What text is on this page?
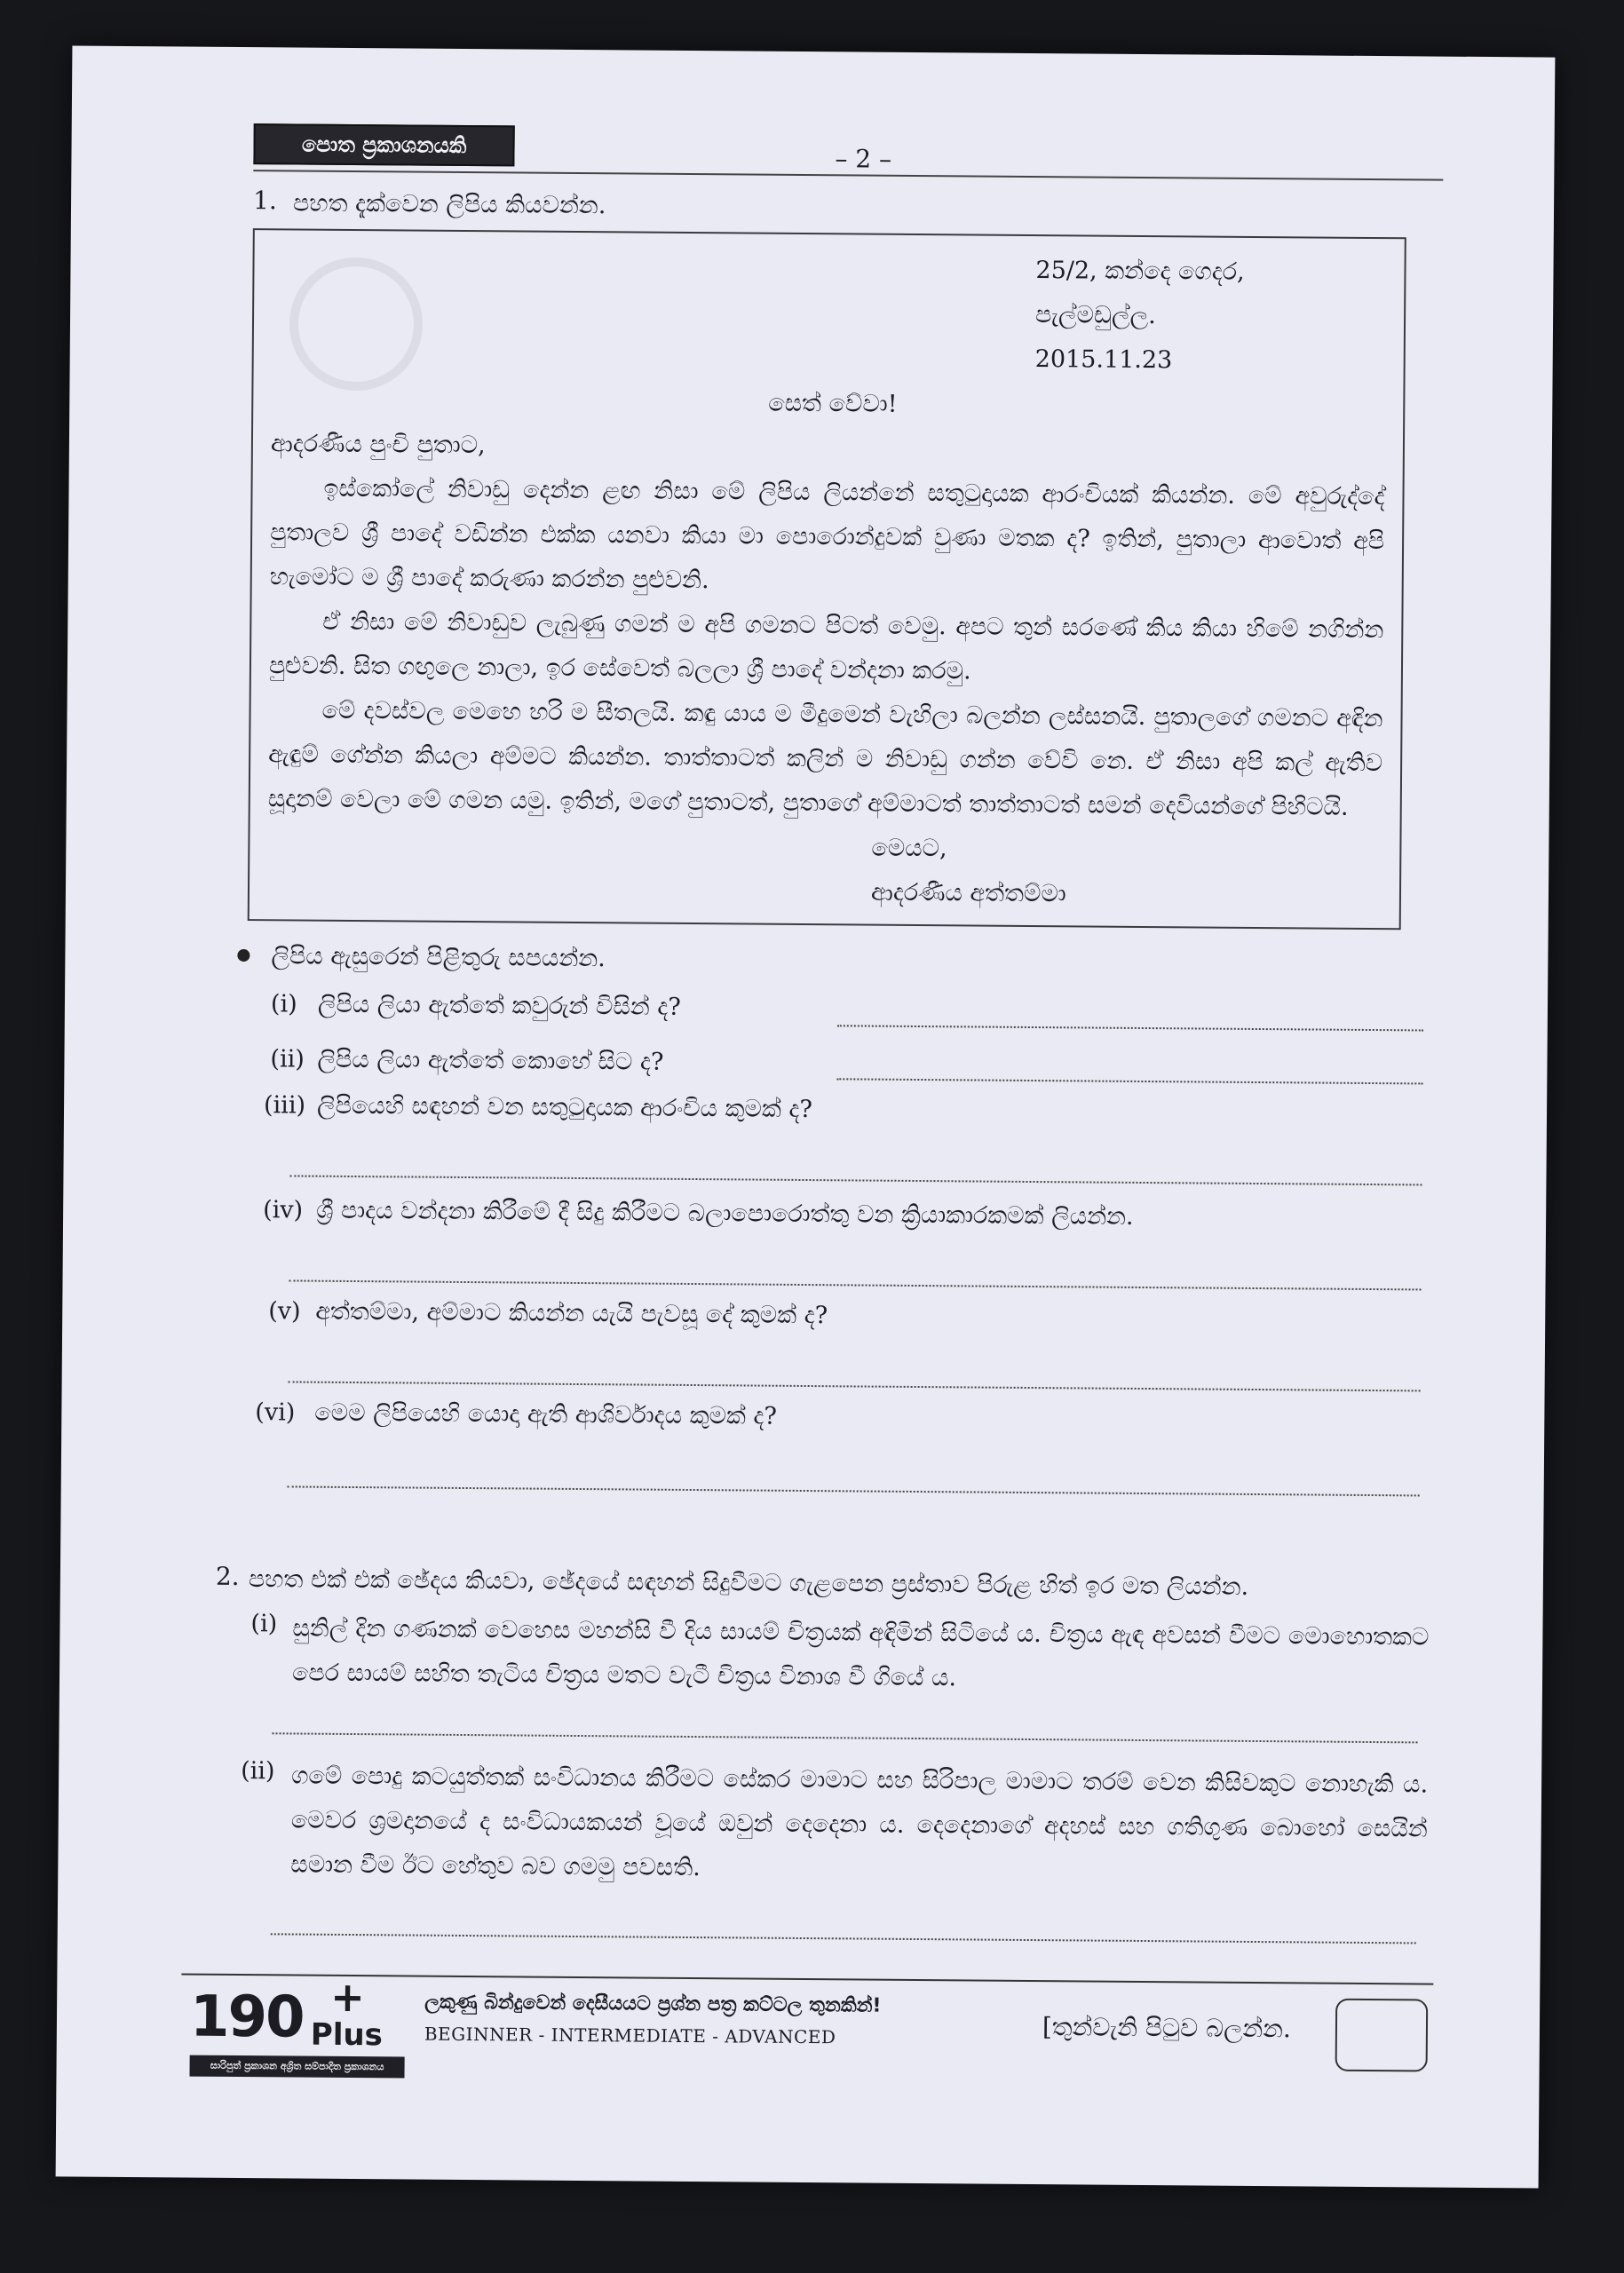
පොත ප්‍රකාශනයකි	– 2 –
1. පහත දැක්වෙන ලිපිය කියවන්න.
25/2, කන්දෙ ගෙදර,
පැල්මඩුල්ල.
2015.11.23
සෙත් වේවා!
ආදරණීය පුංචි පුතාට,
ඉස්කෝලේ නිවාඩු දෙන්න ළඟ නිසා මේ ලිපිය ලියන්නේ සතුටුදායක ආරංචියක් කියන්න. මේ අවුරුද්දේ පුතාලව ශ්‍රී පාදේ වඩින්න එක්ක යනවා කියා මා පොරොන්දුවක් වුණා මතක ද? ඉතින්, පුතාලා ආවොත් අපි හැමෝට ම ශ්‍රී පාදේ කරුණා කරන්න පුළුවනි.
ඒ නිසා මේ නිවාඩුව ලැබුණු ගමන් ම අපි ගමනට පිටත් වෙමු. අපට තුන් සරණේ කිය කියා හිමේ නගින්න පුළුවනි. සිත ගඟුලෙ නාලා, ඉර සේවෙත් බලලා ශ්‍රී පාදේ වන්දනා කරමු.
මේ දවස්වල මෙහෙ හරි ම සීතලයි. කඳු යාය ම මීදුමෙන් වැහිලා බලන්න ලස්සනයි. පුතාලගේ ගමනට අඳින ඇඳුම් ගේන්න කියලා අම්මට කියන්න. තාත්තාටත් කලින් ම නිවාඩු ගන්න වේවි නෙ. ඒ නිසා අපි කල් ඇතිව සූදානම් වෙලා මේ ගමන යමු. ඉතින්, මගේ පුතාටත්, පුතාගේ අම්මාටත් තාත්තාටත් සමන් දෙවියන්ගේ පිහිටයි.
මෙයට,
ආදරණීය අත්තම්මා
ලිපිය ඇසුරෙන් පිළිතුරු සපයන්න.
(i) ලිපිය ලියා ඇත්තේ කවුරුන් විසින් ද?
(ii) ලිපිය ලියා ඇත්තේ කොහේ සිට ද?
(iii) ලිපියෙහි සඳහන් වන සතුටුදායක ආරංචිය කුමක් ද?
(iv) ශ්‍රී පාදය වන්දනා කිරීමේ දී සිදු කිරීමට බලාපොරොත්තු වන ක්‍රියාකාරකමක් ලියන්න.
(v) අත්තම්මා, අම්මාට කියන්න යැයි පැවසූ දේ කුමක් ද?
(vi) මෙම ලිපියෙහි යොදා ඇති ආශිර්වාදය කුමක් ද?
2. පහත එක් එක් ඡේදය කියවා, ඡේදයේ සඳහන් සිදුවීමට ගැළපෙන ප්‍රස්තාව පිරුළ හිත් ඉර මත ලියන්න.
(i) සුනිල් දින ගණනක් වෙහෙස මහන්සි වී දිය සායම් චිත්‍රයක් අඳිමින් සිටියේ ය. චිත්‍රය ඇඳ අවසන් වීමට මොහොතකට පෙර සායම් සහිත තැටිය චිත්‍රය මතට වැටී චිත්‍රය විනාශ වී ගියේ ය.
(ii) ගමේ පොදු කටයුත්තක් සංවිධානය කිරීමට සේකර මාමාට සහ සිරිපාල මාමාට තරම් වෙන කිසිවකුට නොහැකි ය. මෙවර ශ්‍රමදානයේ ද සංවිධායකයන් වූයේ ඔවුන් දෙදෙනා ය. දෙදෙනාගේ අදහස් සහ ගතිගුණ බොහෝ සෙයින් සමාන වීම ඊට හේතුව බව ගමමු පවසති.
190 +
Plus
සාරිපුත් ප්‍රකාශන අශ්‍රිත සම්පාදිත ප්‍රකාශනය
ලකුණු බින්දුවෙන් දෙසීයයට ප්‍රශ්න පත්‍ර කට්ටල තුනකින්!
BEGINNER - INTERMEDIATE - ADVANCED	[තුන්වැනි පිටුව බලන්න.
